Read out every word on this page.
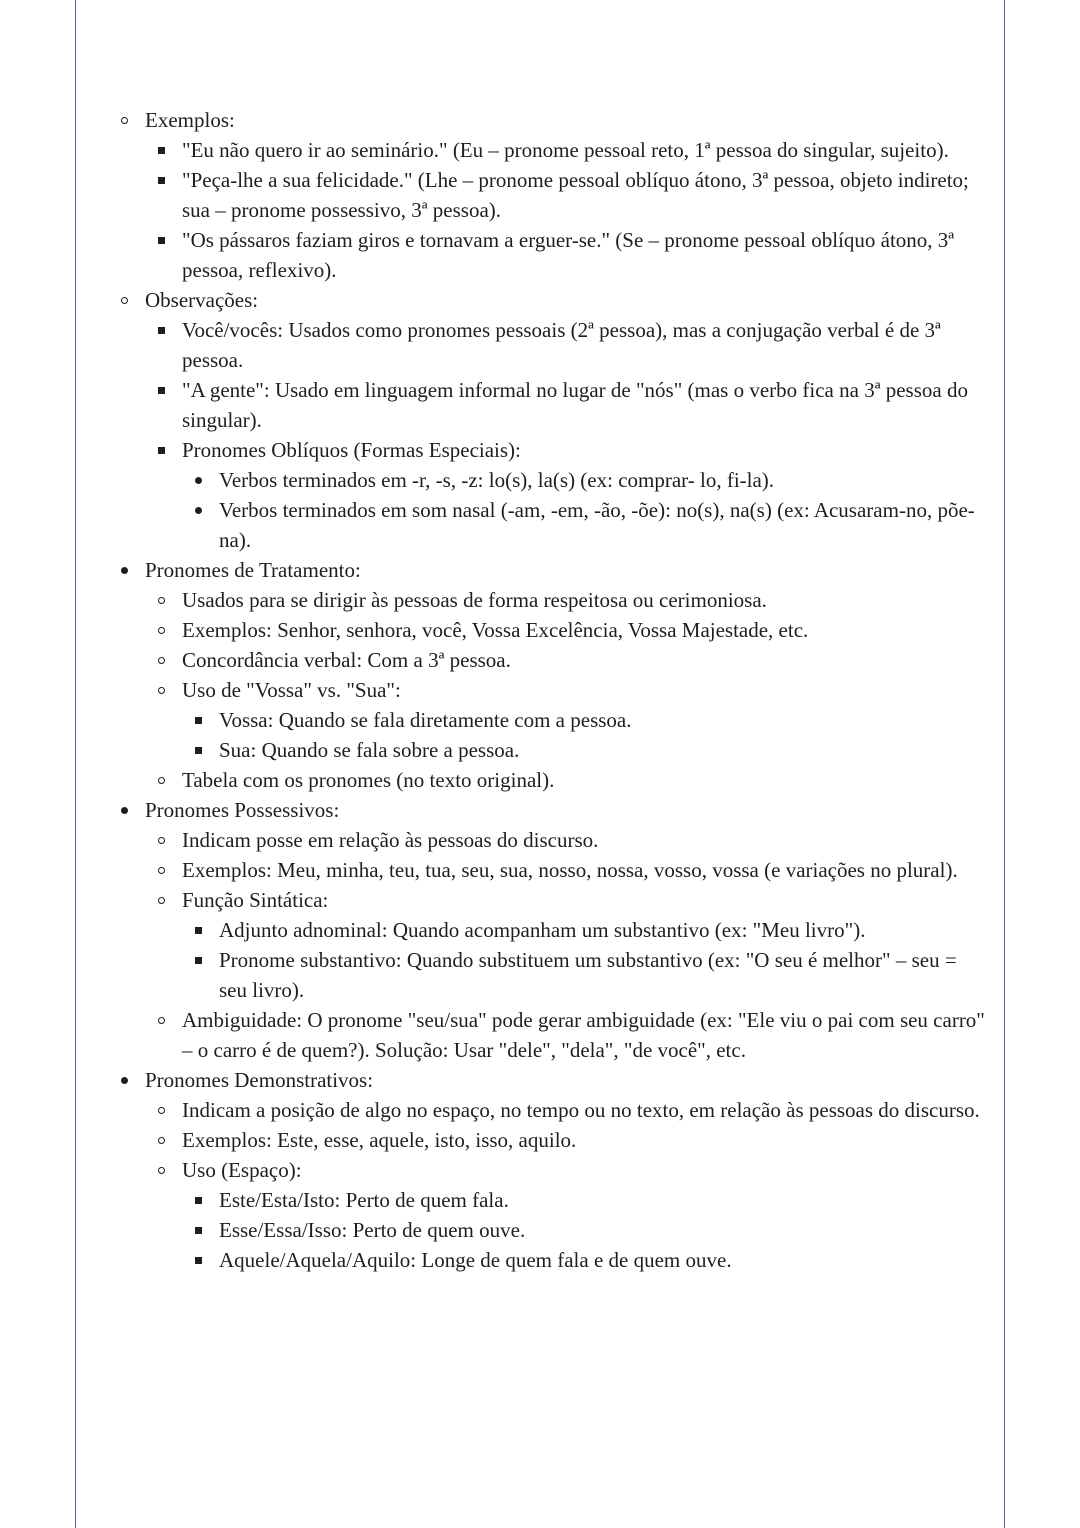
Exemplos:
"Eu não quero ir ao seminário." (Eu – pronome pessoal reto, 1ª pessoa do singular, sujeito).
"Peça-lhe a sua felicidade." (Lhe – pronome pessoal oblíquo átono, 3ª pessoa, objeto indireto; sua – pronome possessivo, 3ª pessoa).
"Os pássaros faziam giros e tornavam a erguer-se." (Se – pronome pessoal oblíquo átono, 3ª pessoa, reflexivo).
Observações:
Você/vocês: Usados como pronomes pessoais (2ª pessoa), mas a conjugação verbal é de 3ª pessoa.
"A gente": Usado em linguagem informal no lugar de "nós" (mas o verbo fica na 3ª pessoa do singular).
Pronomes Oblíquos (Formas Especiais):
Verbos terminados em -r, -s, -z: lo(s), la(s) (ex: comprar- lo, fi-la).
Verbos terminados em som nasal (-am, -em, -ão, -õe): no(s), na(s) (ex: Acusaram-no, põe-na).
Pronomes de Tratamento:
Usados para se dirigir às pessoas de forma respeitosa ou cerimoniosa.
Exemplos: Senhor, senhora, você, Vossa Excelência, Vossa Majestade, etc.
Concordância verbal: Com a 3ª pessoa.
Uso de "Vossa" vs. "Sua":
Vossa: Quando se fala diretamente com a pessoa.
Sua: Quando se fala sobre a pessoa.
Tabela com os pronomes (no texto original).
Pronomes Possessivos:
Indicam posse em relação às pessoas do discurso.
Exemplos: Meu, minha, teu, tua, seu, sua, nosso, nossa, vosso, vossa (e variações no plural).
Função Sintática:
Adjunto adnominal: Quando acompanham um substantivo (ex: "Meu livro").
Pronome substantivo: Quando substituem um substantivo (ex: "O seu é melhor" – seu = seu livro).
Ambiguidade: O pronome "seu/sua" pode gerar ambiguidade (ex: "Ele viu o pai com seu carro" – o carro é de quem?). Solução: Usar "dele", "dela", "de você", etc.
Pronomes Demonstrativos:
Indicam a posição de algo no espaço, no tempo ou no texto, em relação às pessoas do discurso.
Exemplos: Este, esse, aquele, isto, isso, aquilo.
Uso (Espaço):
Este/Esta/Isto: Perto de quem fala.
Esse/Essa/Isso: Perto de quem ouve.
Aquele/Aquela/Aquilo: Longe de quem fala e de quem ouve.
